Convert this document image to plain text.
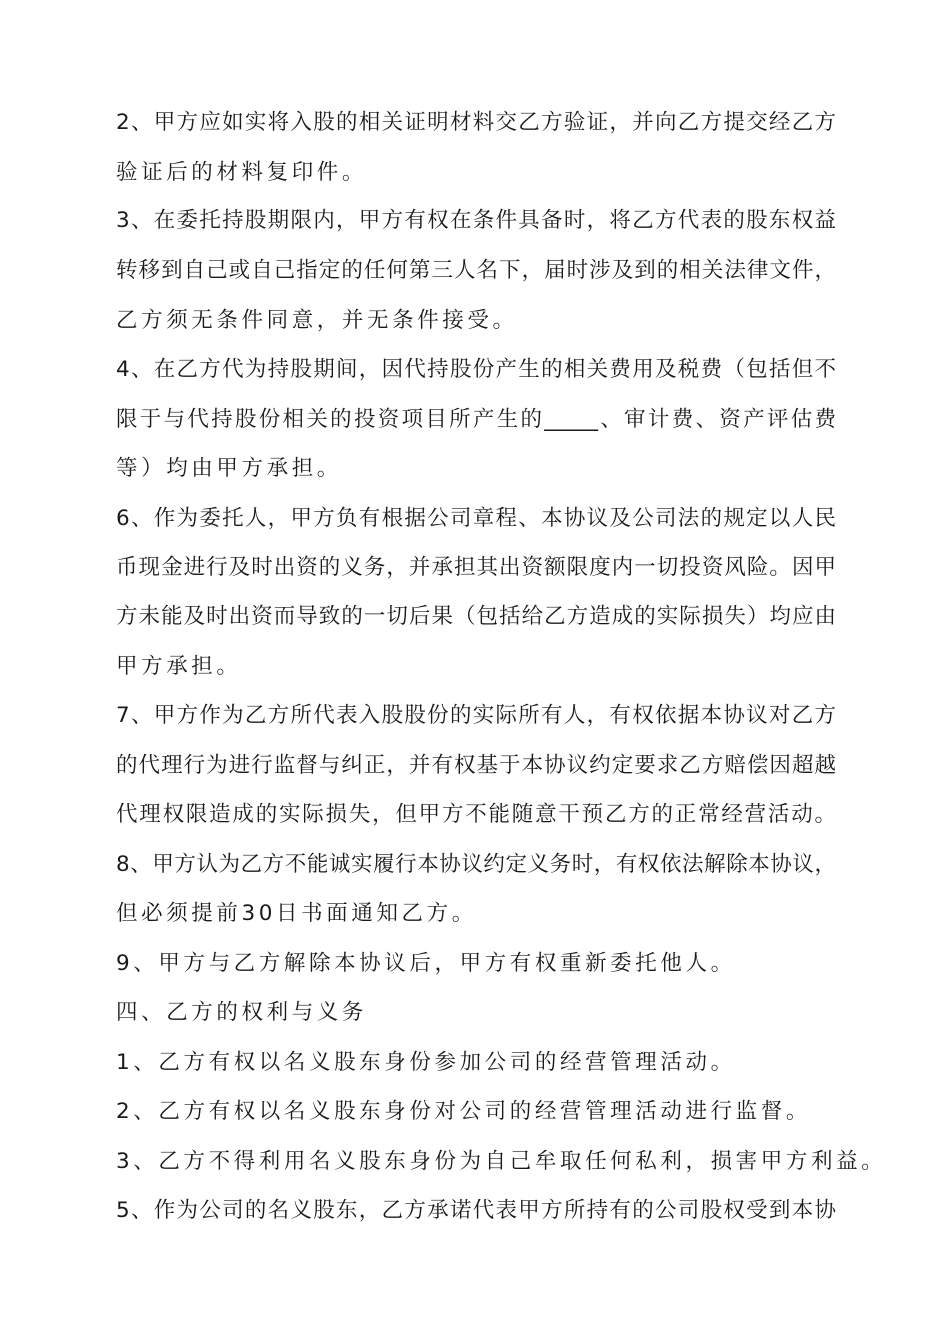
2、甲方应如实将入股的相关证明材料交乙方验证，并向乙方提交经乙方
验证后的材料复印件。
3、在委托持股期限内，甲方有权在条件具备时，将乙方代表的股东权益
转移到自己或自己指定的任何第三人名下，届时涉及到的相关法律文件，
乙方须无条件同意，并无条件接受。
4、在乙方代为持股期间，因代持股份产生的相关费用及税费（包括但不
限于与代持股份相关的投资项目所产生的_____、审计费、资产评估费
等）均由甲方承担。
6、作为委托人，甲方负有根据公司章程、本协议及公司法的规定以人民
币现金进行及时出资的义务，并承担其出资额限度内一切投资风险。因甲
方未能及时出资而导致的一切后果（包括给乙方造成的实际损失）均应由
甲方承担。
7、甲方作为乙方所代表入股股份的实际所有人，有权依据本协议对乙方
的代理行为进行监督与纠正，并有权基于本协议约定要求乙方赔偿因超越
代理权限造成的实际损失，但甲方不能随意干预乙方的正常经营活动。
8、甲方认为乙方不能诚实履行本协议约定义务时，有权依法解除本协议，
但必须提前30日书面通知乙方。
9、甲方与乙方解除本协议后，甲方有权重新委托他人。
四、乙方的权利与义务
1、乙方有权以名义股东身份参加公司的经营管理活动。
2、乙方有权以名义股东身份对公司的经营管理活动进行监督。
3、乙方不得利用名义股东身份为自己牟取任何私利，损害甲方利益。
5、作为公司的名义股东，乙方承诺代表甲方所持有的公司股权受到本协
